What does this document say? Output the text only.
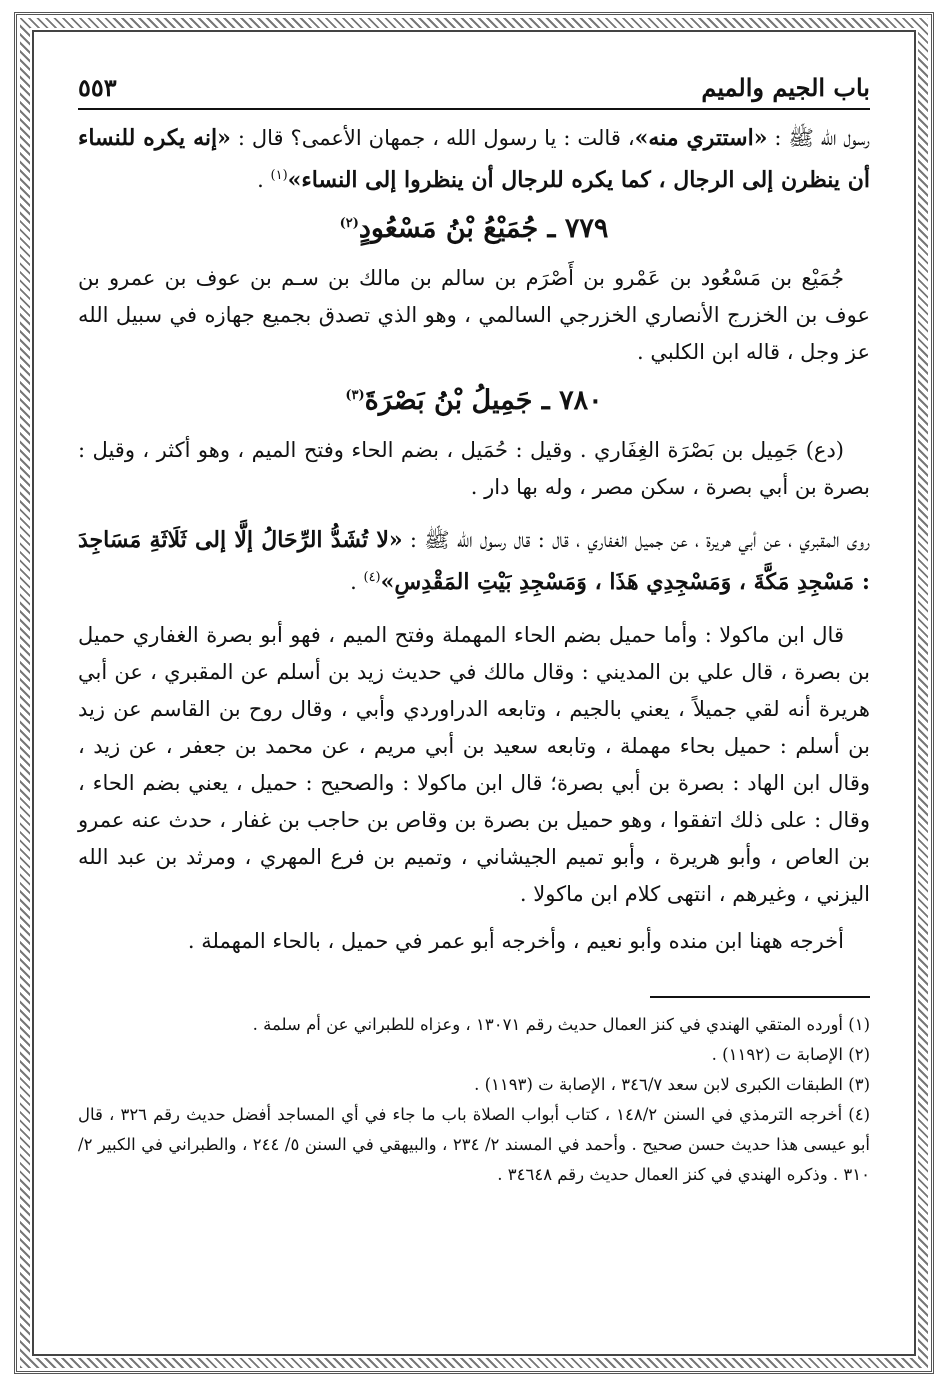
باب الجيم والميم
٥٥٣

رسول الله ﷺ : «استتري منه»، قالت : يا رسول الله ، جمهان الأعمى؟ قال : «إنه يكره للنساء أن ينظرن إلى الرجال ، كما يكره للرجال أن ينظروا إلى النساء»$^{(١)}$ .

٧٧٩ ـ جُمَيْعُ بْنُ مَسْعُودٍ$^{(٢)}$

جُمَيْع بن مَسْعُود بن عَمْرو بن أَصْرَم بن سالم بن مالك بن سـم بن عوف بن عمرو بن عوف بن الخزرج الأنصاري الخزرجي السالمي ، وهو الذي تصدق بجميع جهازه في سبيل الله عز وجل ، قاله ابن الكلبي .

٧٨٠ ـ جَمِيلُ بْنُ بَصْرَةَ$^{(٣)}$

(دع) جَمِيل بن بَصْرَة الغِفَاري . وقيل : حُمَيل ، بضم الحاء وفتح الميم ، وهو أكثر ، وقيل : بصرة بن أبي بصرة ، سكن مصر ، وله بها دار .

روى المقبري ، عن أبي هريرة ، عن جميل الغفاري ، قال : قال رسول الله ﷺ : «لا تُشَدُّ الرِّحَالُ إلَّا إلى ثَلَاثَةِ مَسَاجِدَ : مَسْجِدِ مَكَّةَ ، وَمَسْجِدِي هَذَا ، وَمَسْجِدِ بَيْتِ المَقْدِسِ»$^{(٤)}$ .

قال ابن ماكولا : وأما حميل بضم الحاء المهملة وفتح الميم ، فهو أبو بصرة الغفاري حميل بن بصرة ، قال علي بن المديني : وقال مالك في حديث زيد بن أسلم عن المقبري ، عن أبي هريرة أنه لقي جميلاً ، يعني بالجيم ، وتابعه الدراوردي وأبي ، وقال روح بن القاسم عن زيد بن أسلم : حميل بحاء مهملة ، وتابعه سعيد بن أبي مريم ، عن محمد بن جعفر ، عن زيد ، وقال ابن الهاد : بصرة بن أبي بصرة؛ قال ابن ماكولا : والصحيح : حميل ، يعني بضم الحاء ، وقال : على ذلك اتفقوا ، وهو حميل بن بصرة بن وقاص بن حاجب بن غفار ، حدث عنه عمرو بن العاص ، وأبو هريرة ، وأبو تميم الجيشاني ، وتميم بن فرع المهري ، ومرثد بن عبد الله اليزني ، وغيرهم ، انتهى كلام ابن ماكولا .

أخرجه ههنا ابن منده وأبو نعيم ، وأخرجه أبو عمر في حميل ، بالحاء المهملة .

(١) أورده المتقي الهندي في كنز العمال حديث رقم ١٣٠٧١ ، وعزاه للطبراني عن أم سلمة .

(٢) الإصابة ت (١١٩٢) .

(٣) الطبقات الكبرى لابن سعد ٣٤٦/٧ ، الإصابة ت (١١٩٣) .

(٤) أخرجه الترمذي في السنن ١٤٨/٢ ، كتاب أبواب الصلاة باب ما جاء في أي المساجد أفضل حديث رقم ٣٢٦ ، قال أبو عيسى هذا حديث حسن صحيح . وأحمد في المسند ٢/ ٢٣٤ ، والبيهقي في السنن ٥/ ٢٤٤ ، والطبراني في الكبير ٢/ ٣١٠ . وذكره الهندي في كنز العمال حديث رقم ٣٤٦٤٨ .
